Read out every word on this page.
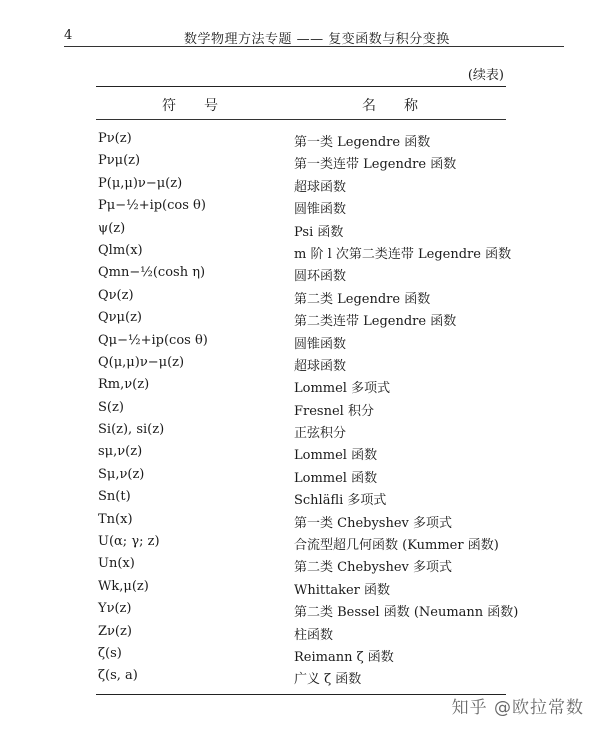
4	数学物理方法专题 —— 复变函数与积分变换
(续表)
符号	名称
Pν(z)	第一类 Legendre 函数
Pνμ(z)	第一类连带 Legendre 函数
P(μ,μ)ν−μ(z)	超球函数
Pμ−½+ip(cos θ)	圆锥函数
ψ(z)	Psi 函数
Qlm(x)	m 阶 l 次第二类连带 Legendre 函数
Qmn−½(cosh η)	圆环函数
Qν(z)	第二类 Legendre 函数
Qνμ(z)	第二类连带 Legendre 函数
Qμ−½+ip(cos θ)	圆锥函数
Q(μ,μ)ν−μ(z)	超球函数
Rm,ν(z)	Lommel 多项式
S(z)	Fresnel 积分
Si(z), si(z)	正弦积分
sμ,ν(z)	Lommel 函数
Sμ,ν(z)	Lommel 函数
Sn(t)	Schläfli 多项式
Tn(x)	第一类 Chebyshev 多项式
U(α; γ; z)	合流型超几何函数 (Kummer 函数)
Un(x)	第二类 Chebyshev 多项式
Wk,μ(z)	Whittaker 函数
Yν(z)	第二类 Bessel 函数 (Neumann 函数)
Zν(z)	柱函数
ζ(s)	Reimann ζ 函数
ζ(s, a)	广义 ζ 函数
知乎 @欧拉常数
